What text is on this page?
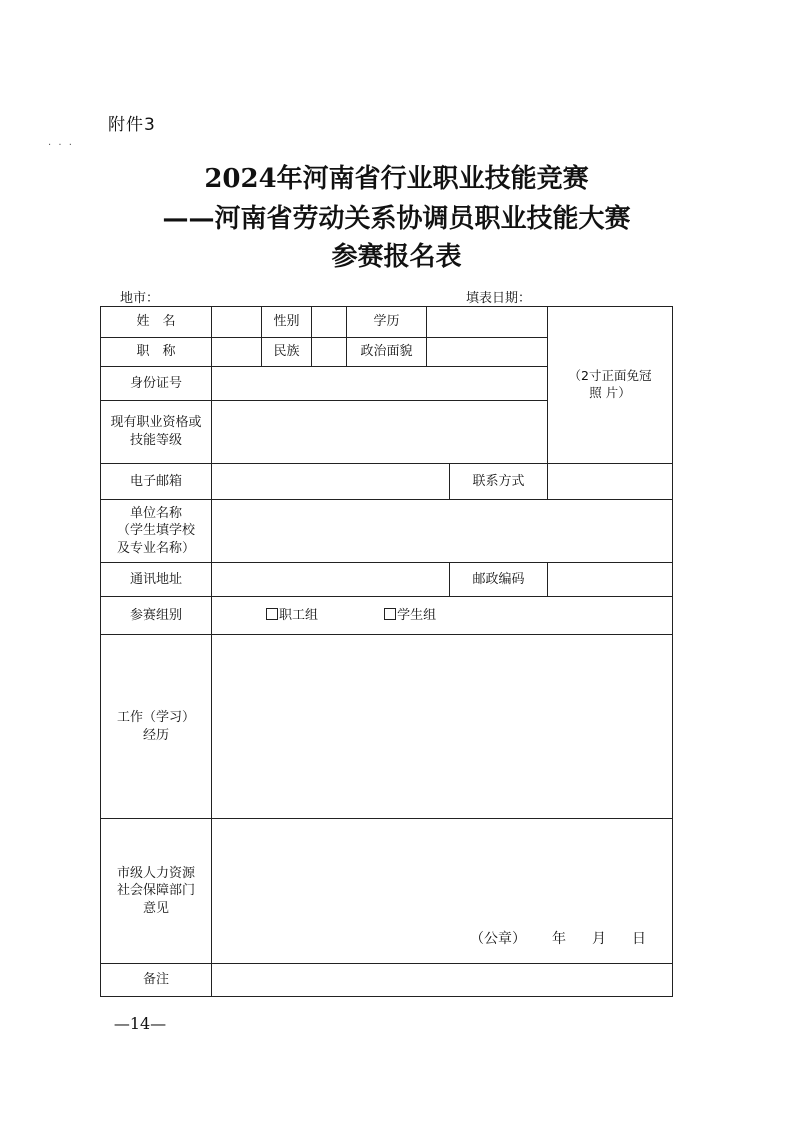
附件3
· · ·
2024年河南省行业职业技能竞赛
——河南省劳动关系协调员职业技能大赛
参赛报名表
地市：	填表日期：
姓　名		性别		学历			（2寸正面免冠
照 片）

职　称		民族		政治面貌			
身份证号							

现有职业资格或
技能等级							

电子邮箱						联系方式	

单位名称
（学生填学校
及专业名称）							

通讯地址						邮政编码	
参赛组别	职工组 学生组						

工作（学习）
经历							

市级人力资源
社会保障部门
意见	（公章） 年 月 日						

备注							
—14—
